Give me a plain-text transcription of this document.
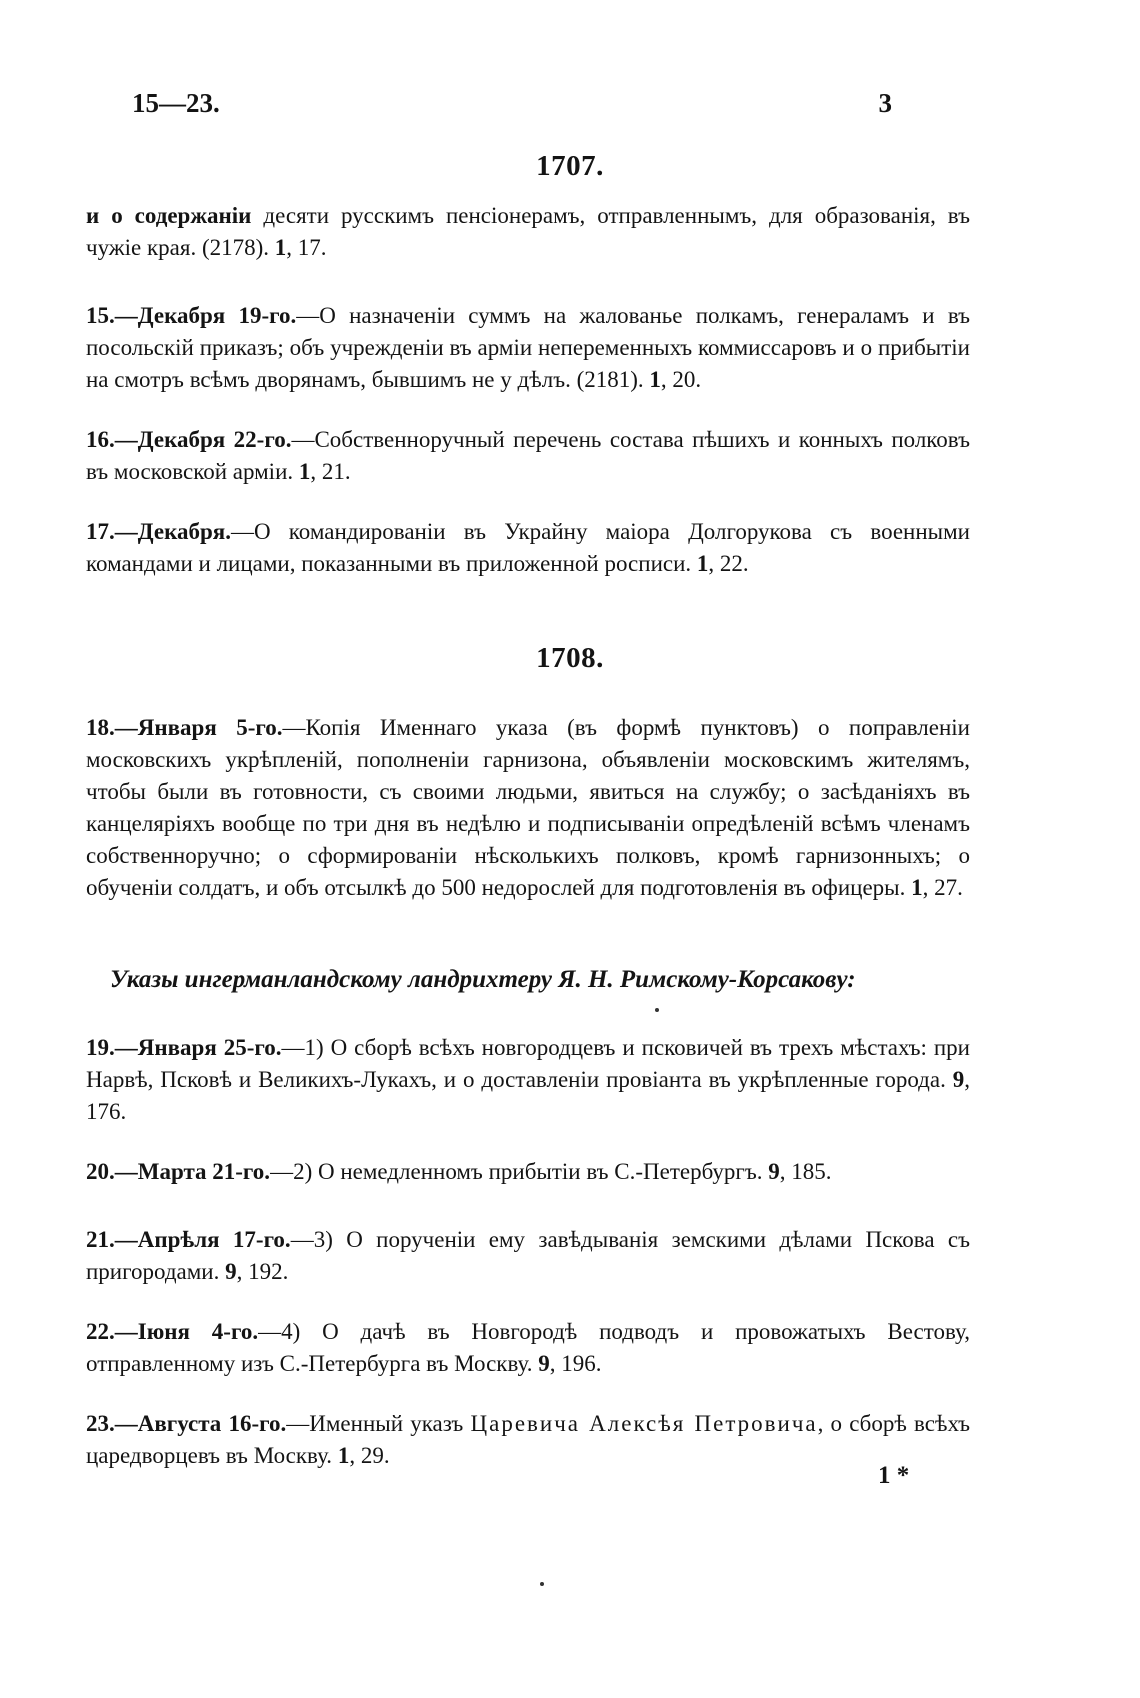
15—23.	3
1707.
и о содержаніи десяти русскимъ пенсіонерамъ, отправленнымъ, для образованія, въ чужіе края. (2178). 1, 17.
15.—Декабря 19-го.—О назначеніи суммъ на жалованье полкамъ, генераламъ и въ посольскій приказъ; объ учрежденіи въ арміи непеременныхъ коммиссаровъ и о прибытіи на смотръ всѣмъ дворянамъ, бывшимъ не у дѣлъ. (2181). 1, 20.
16.—Декабря 22-го.—Собственноручный перечень состава пѣшихъ и конныхъ полковъ въ московской арміи. 1, 21.
17.—Декабря.—О командированіи въ Украйну маіора Долгорукова съ военными командами и лицами, показанными въ приложенной росписи. 1, 22.
1708.
18.—Января 5-го.—Копія Именнаго указа (въ формѣ пунктовъ) о поправленіи московскихъ укрѣпленій, пополненіи гарнизона, объявленіи московскимъ жителямъ, чтобы были въ готовности, съ своими людьми, явиться на службу; о засѣданіяхъ въ канцеляріяхъ вообще по три дня въ недѣлю и подписываніи опредѣленій всѣмъ членамъ собственноручно; о сформированіи нѣсколькихъ полковъ, кромѣ гарнизонныхъ; о обученіи солдатъ, и объ отсылкѣ до 500 недорослей для подготовленія въ офицеры. 1, 27.
Указы ингерманландскому ландрихтеру Я. Н. Римскому-Корсакову:
19.—Января 25-го.—1) О сборѣ всѣхъ новгородцевъ и псковичей въ трехъ мѣстахъ: при Нарвѣ, Псковѣ и Великихъ-Лукахъ, и о доставленіи провіанта въ укрѣпленные города. 9, 176.
20.—Марта 21-го.—2) О немедленномъ прибытіи въ С.-Петербургъ. 9, 185.
21.—Апрѣля 17-го.—3) О порученіи ему завѣдыванія земскими дѣлами Пскова съ пригородами. 9, 192.
22.—Іюня 4-го.—4) О дачѣ въ Новгородѣ подводъ и провожатыхъ Вестову, отправленному изъ С.-Петербурга въ Москву. 9, 196.
23.—Августа 16-го.—Именный указъ Царевича Алексѣя Петровича, о сборѣ всѣхъ царедворцевъ въ Москву. 1, 29.
1 *
